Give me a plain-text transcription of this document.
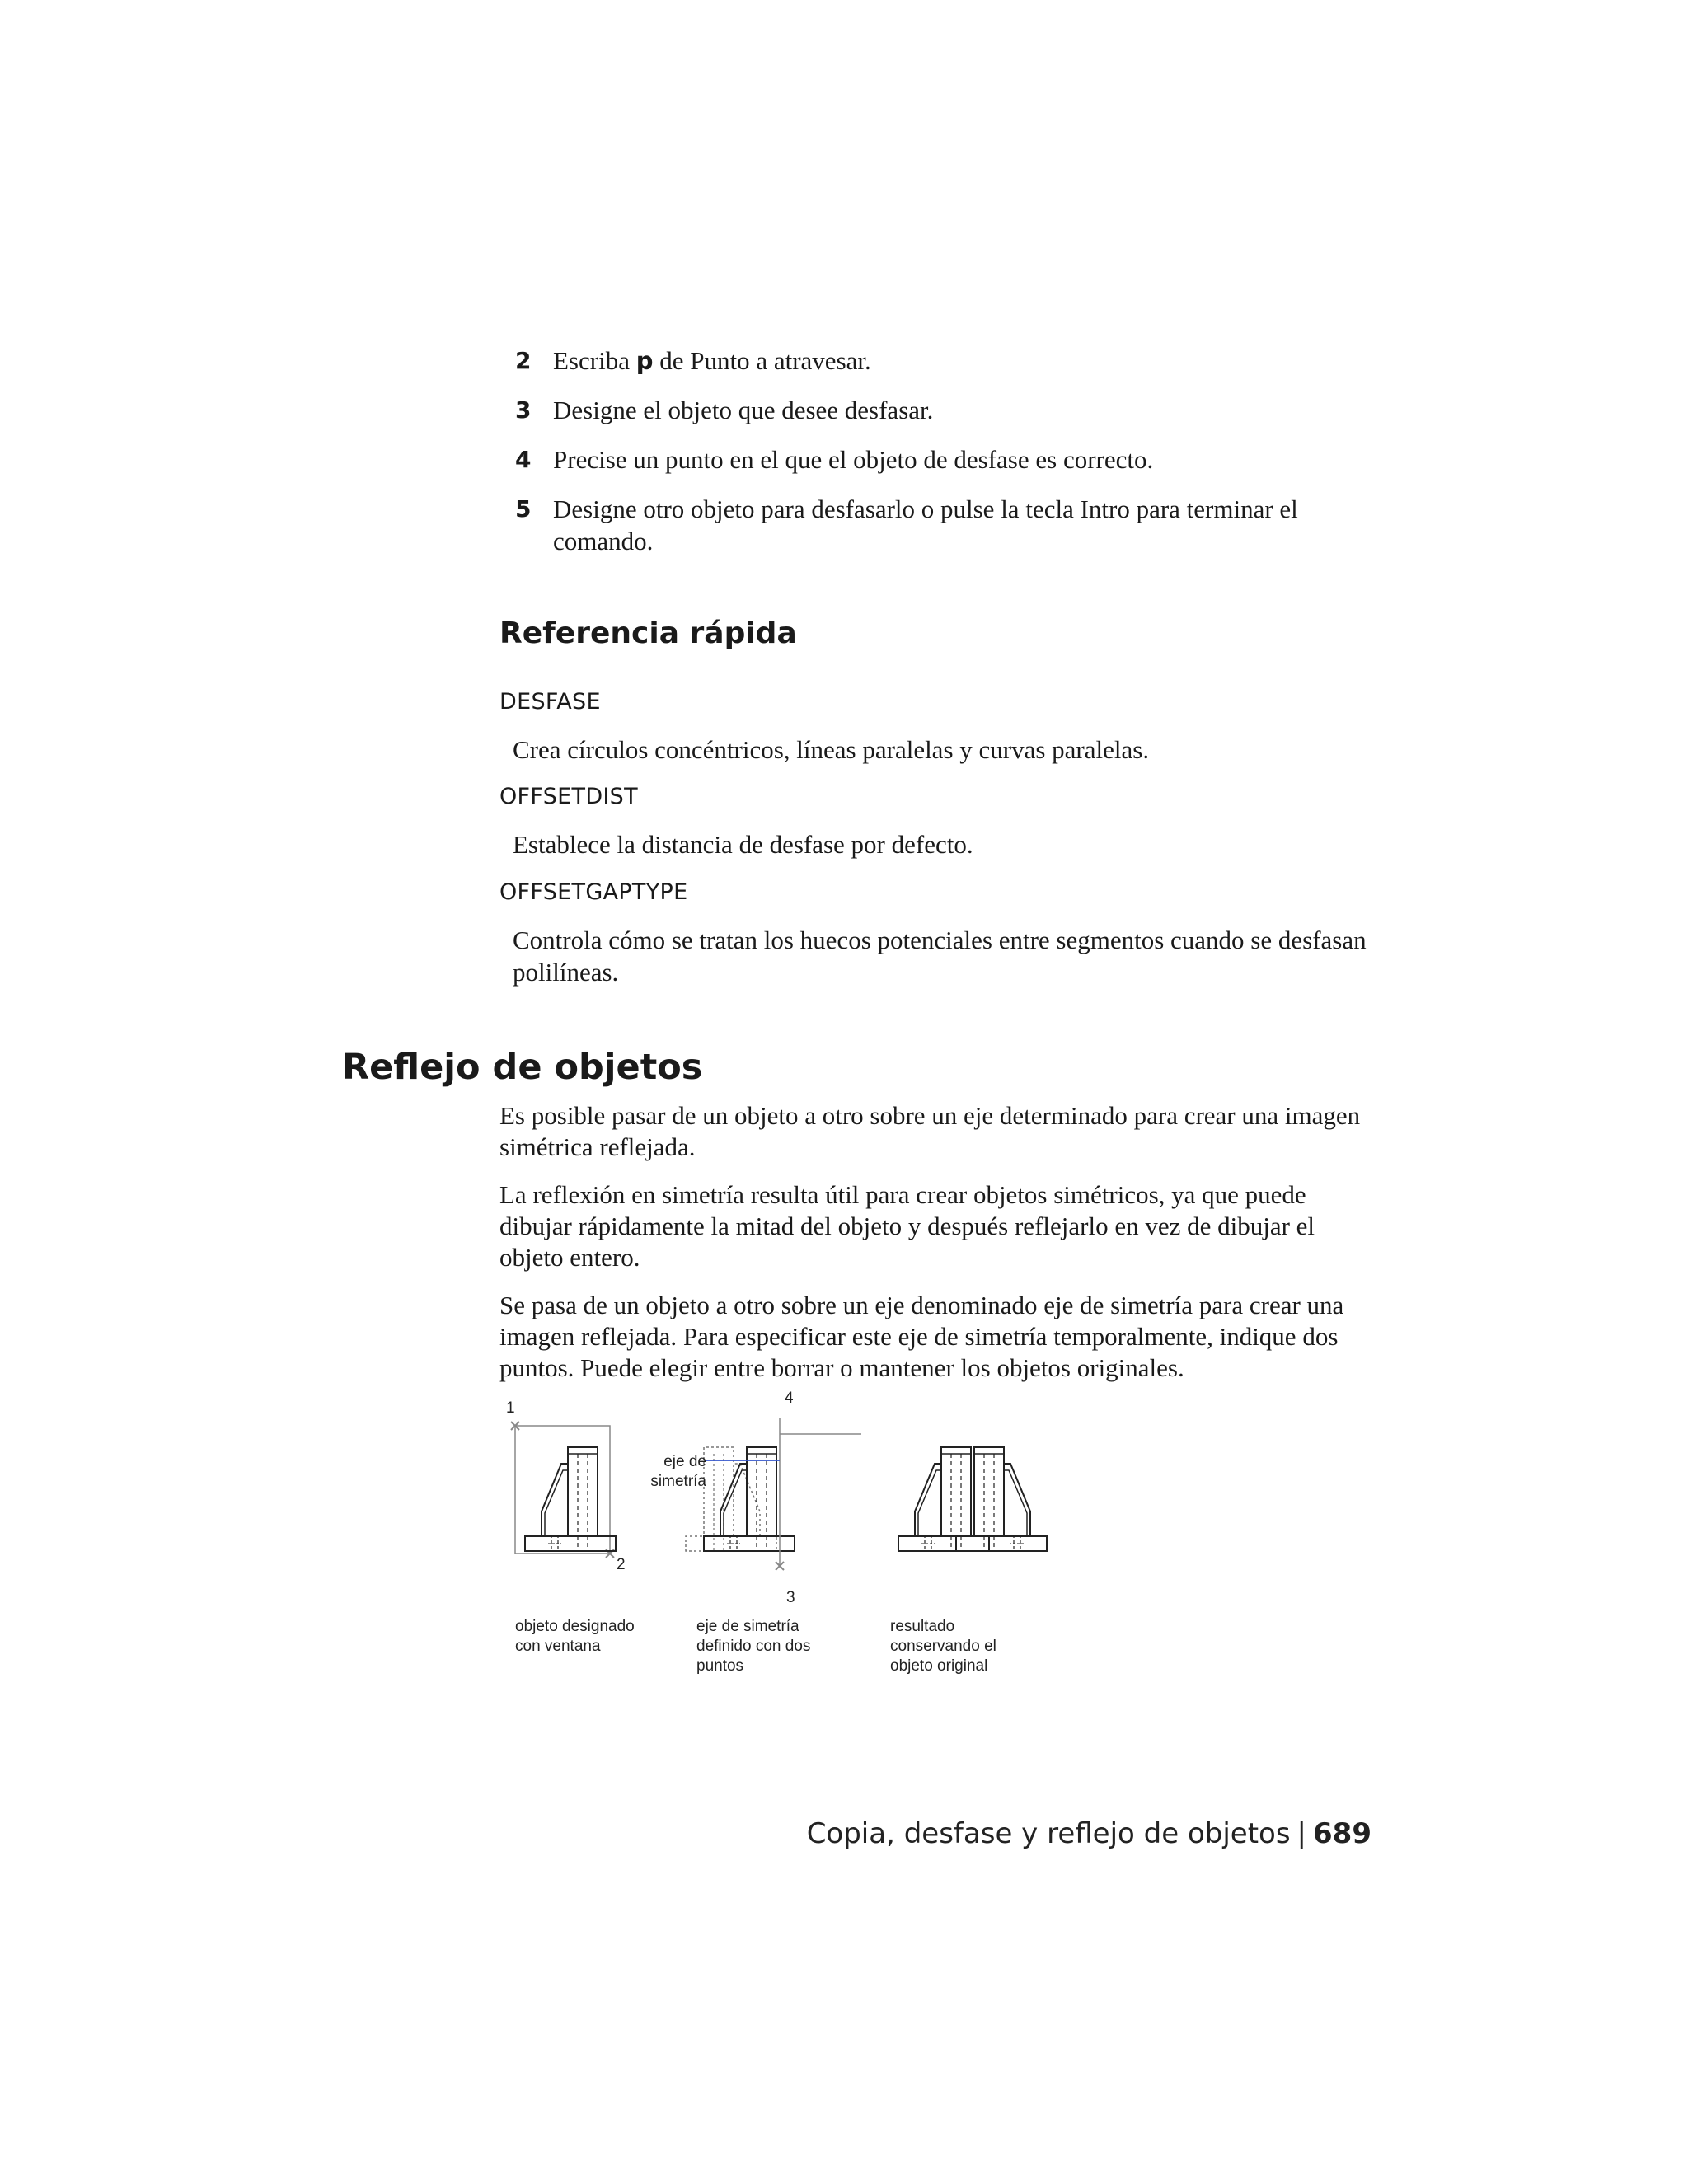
2 Escriba p de Punto a atravesar.
3 Designe el objeto que desee desfasar.
4 Precise un punto en el que el objeto de desfase es correcto.
5 Designe otro objeto para desfasarlo o pulse la tecla Intro para terminar el comando.
Referencia rápida
DESFASE
Crea círculos concéntricos, líneas paralelas y curvas paralelas.
OFFSETDIST
Establece la distancia de desfase por defecto.
OFFSETGAPTYPE
Controla cómo se tratan los huecos potenciales entre segmentos cuando se desfasan polilíneas.
Reflejo de objetos
Es posible pasar de un objeto a otro sobre un eje determinado para crear una imagen simétrica reflejada.
La reflexión en simetría resulta útil para crear objetos simétricos, ya que puede dibujar rápidamente la mitad del objeto y después reflejarlo en vez de dibujar el objeto entero.
Se pasa de un objeto a otro sobre un eje denominado eje de simetría para crear una imagen reflejada. Para especificar este eje de simetría temporalmente, indique dos puntos. Puede elegir entre borrar o mantener los objetos originales.
1
2
3
4
eje de
simetría
objeto designado
con ventana
eje de simetría
definido con dos
puntos
resultado
conservando el
objeto original
Copia, desfase y reflejo de objetos | 689
